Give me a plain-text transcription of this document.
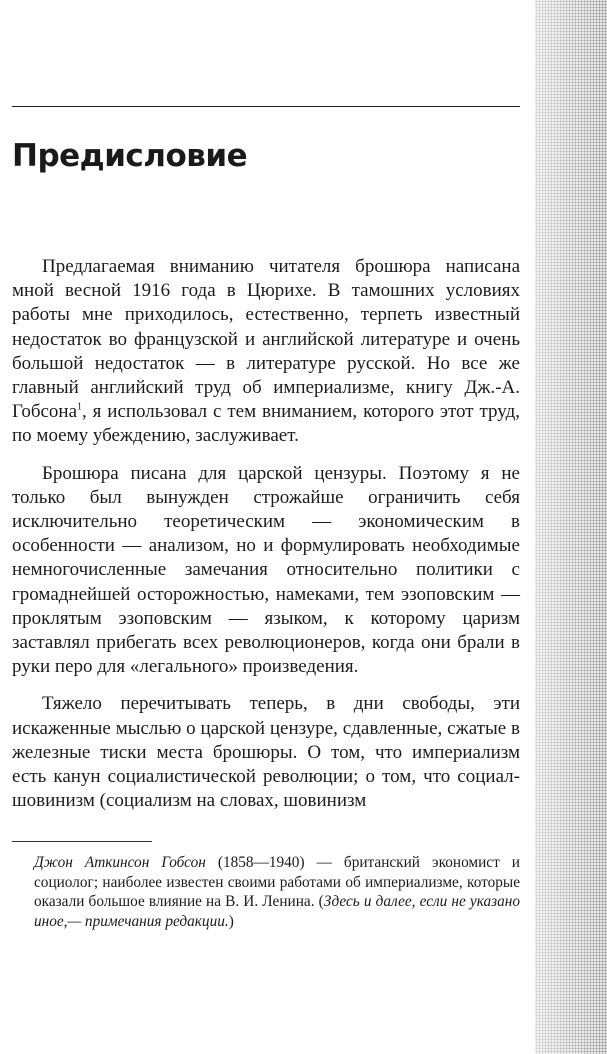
Предисловие

Предлагаемая вниманию читателя брошюра написана мной весной 1916 года в Цюрихе. В тамошних условиях работы мне приходилось, естественно, терпеть известный недостаток во французской и английской литературе и очень большой недостаток — в литературе русской. Но все же главный английский труд об империализме, книгу Дж.-А. Гобсона$^1$, я использовал с тем вниманием, которого этот труд, по моему убеждению, заслуживает.

Брошюра писана для царской цензуры. Поэтому я не только был вынужден строжайше ограничить себя исключительно теоретическим — экономическим в особенности — анализом, но и формулировать необходимые немногочисленные замечания относительно политики с громаднейшей осторожностью, намеками, тем эзоповским — проклятым эзоповским — языком, к которому царизм заставлял прибегать всех революционеров, когда они брали в руки перо для «легального» произведения.

Тяжело перечитывать теперь, в дни свободы, эти искаженные мыслью о царской цензуре, сдавленные, сжатые в железные тиски места брошюры. О том, что империализм есть канун социалистической революции; о том, что социал-шовинизм (социализм на словах, шовинизм

Джон Аткинсон Гобсон (1858—1940) — британский экономист и социолог; наиболее известен своими работами об империализме, которые оказали большое влияние на В. И. Ленина. (Здесь и далее, если не указано иное,— примечания редакции.)
